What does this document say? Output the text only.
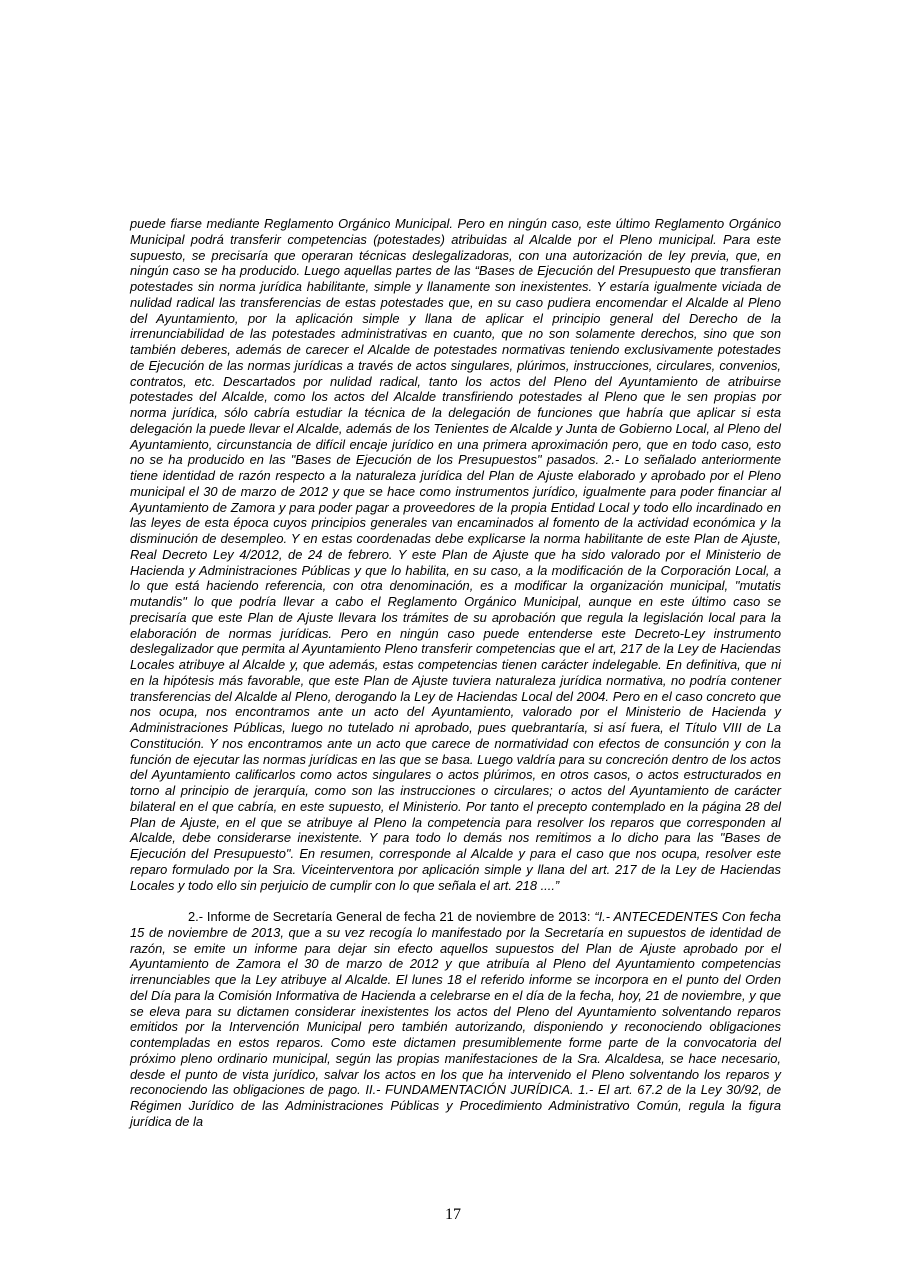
puede fiarse mediante Reglamento Orgánico Municipal. Pero en ningún caso, este último Reglamento Orgánico Municipal podrá transferir competencias (potestades) atribuidas al Alcalde por el Pleno municipal. Para este supuesto, se precisaría que operaran técnicas deslegalizadoras, con una autorización de ley previa, que, en ningún caso se ha producido. Luego aquellas partes de las “Bases de Ejecución del Presupuesto que transfieran potestades sin norma jurídica habilitante, simple y llanamente son inexistentes. Y estaría igualmente viciada de nulidad radical las transferencias de estas potestades que, en su caso pudiera encomendar el Alcalde al Pleno del Ayuntamiento, por la aplicación simple y llana de aplicar el principio general del Derecho de la irrenunciabilidad de las potestades administrativas en cuanto, que no son solamente derechos, sino que son también deberes, además de carecer el Alcalde de potestades normativas teniendo exclusivamente potestades de Ejecución de las normas jurídicas a través de actos singulares, plúrimos, instrucciones, circulares, convenios, contratos, etc. Descartados por nulidad radical, tanto los actos del Pleno del Ayuntamiento de atribuirse potestades del Alcalde, como los actos del Alcalde transfiriendo potestades al Pleno que le sen propias por norma jurídica, sólo cabría estudiar la técnica de la delegación de funciones que habría que aplicar si esta delegación la puede llevar el Alcalde, además de los Tenientes de Alcalde y Junta de Gobierno Local, al Pleno del Ayuntamiento, circunstancia de difícil encaje jurídico en una primera aproximación pero, que en todo caso, esto no se ha producido en las "Bases de Ejecución de los Presupuestos" pasados. 2.- Lo señalado anteriormente tiene identidad de razón respecto a la naturaleza jurídica del Plan de Ajuste elaborado y aprobado por el Pleno municipal el 30 de marzo de 2012 y que se hace como instrumentos jurídico, igualmente para poder financiar al Ayuntamiento de Zamora y para poder pagar a proveedores de la propia Entidad Local y todo ello incardinado en las leyes de esta época cuyos principios generales van encaminados al fomento de la actividad económica y la disminución de desempleo. Y en estas coordenadas debe explicarse la norma habilitante de este Plan de Ajuste, Real Decreto Ley 4/2012, de 24 de febrero. Y este Plan de Ajuste que ha sido valorado por el Ministerio de Hacienda y Administraciones Públicas y que lo habilita, en su caso, a la modificación de la Corporación Local, a lo que está haciendo referencia, con otra denominación, es a modificar la organización municipal, "mutatis mutandis" lo que podría llevar a cabo el Reglamento Orgánico Municipal, aunque en este último caso se precisaría que este Plan de Ajuste llevara los trámites de su aprobación que regula la legislación local para la elaboración de normas jurídicas. Pero en ningún caso puede entenderse este Decreto-Ley instrumento deslegalizador que permita al Ayuntamiento Pleno transferir competencias que el art, 217 de la Ley de Haciendas Locales atribuye al Alcalde y, que además, estas competencias tienen carácter indelegable. En definitiva, que ni en la hipótesis más favorable, que este Plan de Ajuste tuviera naturaleza jurídica normativa, no podría contener transferencias del Alcalde al Pleno, derogando la Ley de Haciendas Local del 2004. Pero en el caso concreto que nos ocupa, nos encontramos ante un acto del Ayuntamiento, valorado por el Ministerio de Hacienda y Administraciones Públicas, luego no tutelado ni aprobado, pues quebrantaría, si así fuera, el Título VIII de La Constitución. Y nos encontramos ante un acto que carece de normatividad con efectos de consunción y con la función de ejecutar las normas jurídicas en las que se basa. Luego valdría para su concreción dentro de los actos del Ayuntamiento calificarlos como actos singulares o actos plúrimos, en otros casos, o actos estructurados en torno al principio de jerarquía, como son las instrucciones o circulares; o actos del Ayuntamiento de carácter bilateral en el que cabría, en este supuesto, el Ministerio. Por tanto el precepto contemplado en la página 28 del Plan de Ajuste, en el que se atribuye al Pleno la competencia para resolver los reparos que corresponden al Alcalde, debe considerarse inexistente. Y para todo lo demás nos remitimos a lo dicho para las "Bases de Ejecución del Presupuesto". En resumen, corresponde al Alcalde y para el caso que nos ocupa, resolver este reparo formulado por la Sra. Viceinterventora por aplicación simple y llana del art. 217 de la Ley de Haciendas Locales y todo ello sin perjuicio de cumplir con lo que señala el art. 218 ....”

2.- Informe de Secretaría General de fecha 21 de noviembre de 2013: “I.- ANTECEDENTES Con fecha 15 de noviembre de 2013, que a su vez recogía lo manifestado por la Secretaría en supuestos de identidad de razón, se emite un informe para dejar sin efecto aquellos supuestos del Plan de Ajuste aprobado por el Ayuntamiento de Zamora el 30 de marzo de 2012 y que atribuía al Pleno del Ayuntamiento competencias irrenunciables que la Ley atribuye al Alcalde. El lunes 18 el referido informe se incorpora en el punto del Orden del Día para la Comisión Informativa de Hacienda a celebrarse en el día de la fecha, hoy, 21 de noviembre, y que se eleva para su dictamen considerar inexistentes los actos del Pleno del Ayuntamiento solventando reparos emitidos por la Intervención Municipal pero también autorizando, disponiendo y reconociendo obligaciones contempladas en estos reparos. Como este dictamen presumiblemente forme parte de la convocatoria del próximo pleno ordinario municipal, según las propias manifestaciones de la Sra. Alcaldesa, se hace necesario, desde el punto de vista jurídico, salvar los actos en los que ha intervenido el Pleno solventando los reparos y reconociendo las obligaciones de pago. II.- FUNDAMENTACIÓN JURÍDICA. 1.- El art. 67.2 de la Ley 30/92, de Régimen Jurídico de las Administraciones Públicas y Procedimiento Administrativo Común, regula la figura jurídica de la

17
